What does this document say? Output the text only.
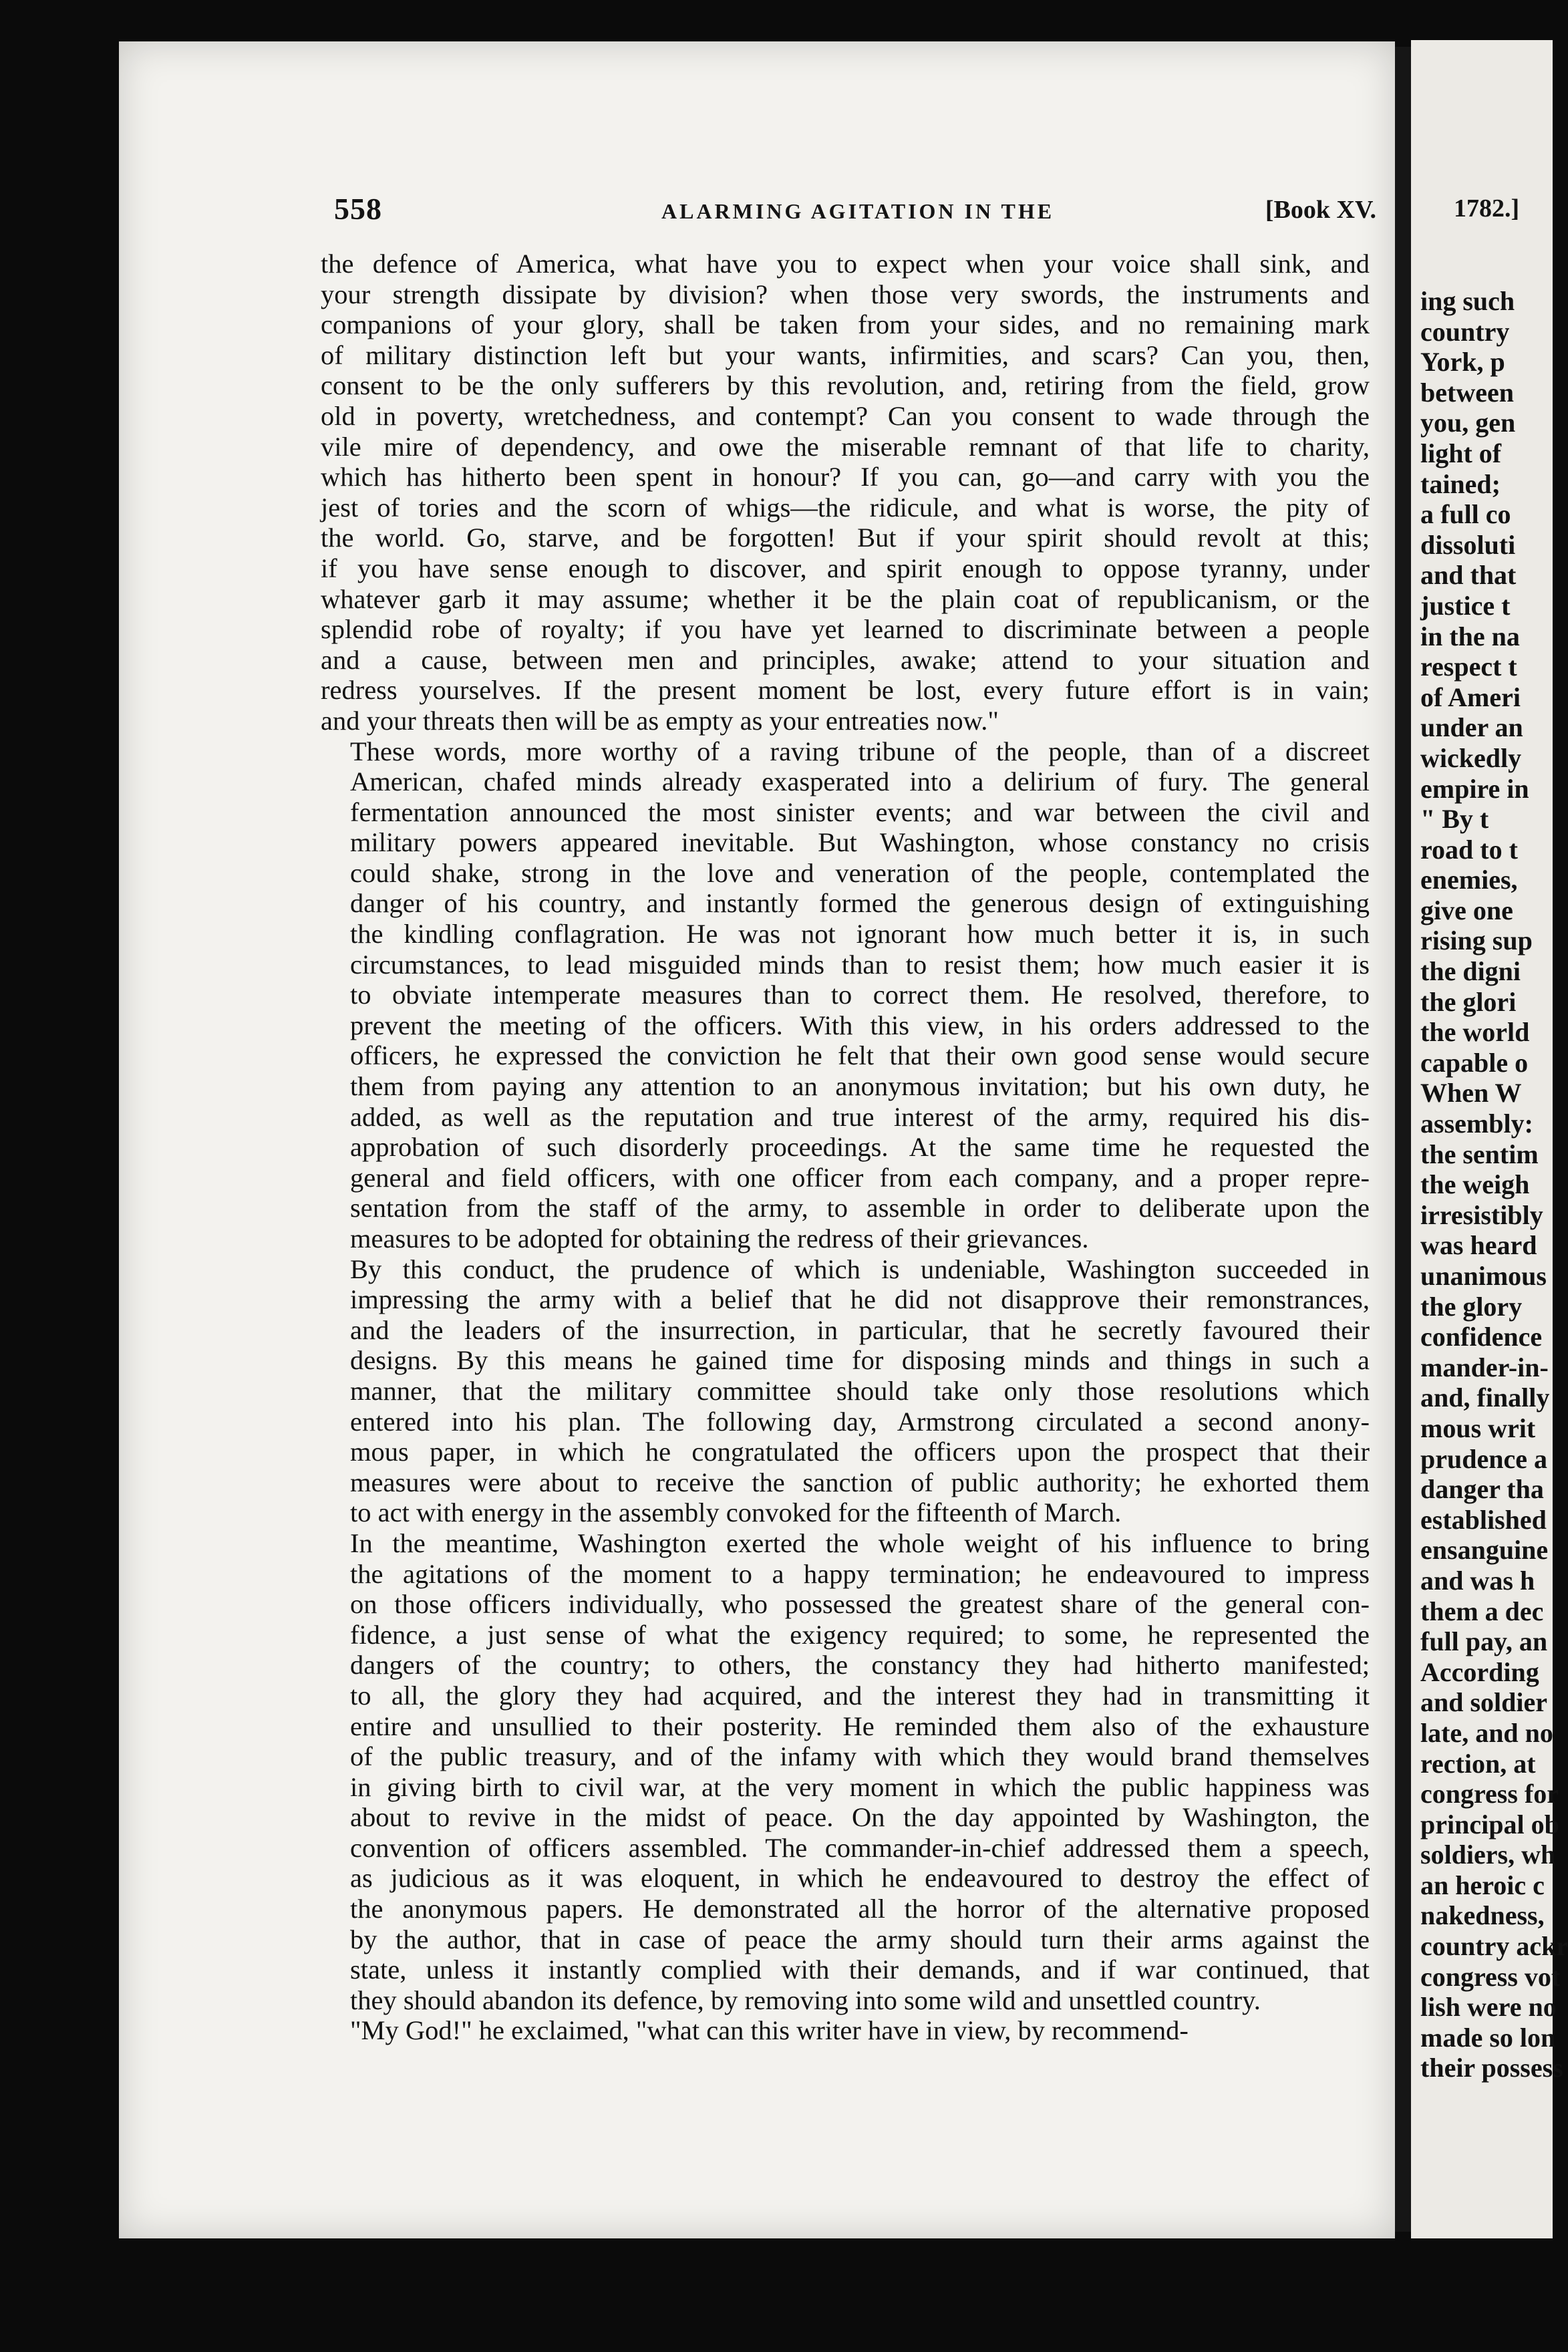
558	ALARMING AGITATION IN THE	[Book XV.

the defence of America, what have you to expect when your voice shall sink, and
your strength dissipate by division? when those very swords, the instruments and
companions of your glory, shall be taken from your sides, and no remaining mark
of military distinction left but your wants, infirmities, and scars? Can you, then,
consent to be the only sufferers by this revolution, and, retiring from the field, grow
old in poverty, wretchedness, and contempt? Can you consent to wade through the
vile mire of dependency, and owe the miserable remnant of that life to charity,
which has hitherto been spent in honour? If you can, go—and carry with you the
jest of tories and the scorn of whigs—the ridicule, and what is worse, the pity of
the world. Go, starve, and be forgotten! But if your spirit should revolt at this;
if you have sense enough to discover, and spirit enough to oppose tyranny, under
whatever garb it may assume; whether it be the plain coat of republicanism, or the
splendid robe of royalty; if you have yet learned to discriminate between a people
and a cause, between men and principles, awake; attend to your situation and
redress yourselves. If the present moment be lost, every future effort is in vain;
and your threats then will be as empty as your entreaties now."

These words, more worthy of a raving tribune of the people, than of a discreet
American, chafed minds already exasperated into a delirium of fury. The general
fermentation announced the most sinister events; and war between the civil and
military powers appeared inevitable. But Washington, whose constancy no crisis
could shake, strong in the love and veneration of the people, contemplated the
danger of his country, and instantly formed the generous design of extinguishing
the kindling conflagration. He was not ignorant how much better it is, in such
circumstances, to lead misguided minds than to resist them; how much easier it is
to obviate intemperate measures than to correct them. He resolved, therefore, to
prevent the meeting of the officers. With this view, in his orders addressed to the
officers, he expressed the conviction he felt that their own good sense would secure
them from paying any attention to an anonymous invitation; but his own duty, he
added, as well as the reputation and true interest of the army, required his dis-
approbation of such disorderly proceedings. At the same time he requested the
general and field officers, with one officer from each company, and a proper repre-
sentation from the staff of the army, to assemble in order to deliberate upon the
measures to be adopted for obtaining the redress of their grievances.

By this conduct, the prudence of which is undeniable, Washington succeeded in
impressing the army with a belief that he did not disapprove their remonstrances,
and the leaders of the insurrection, in particular, that he secretly favoured their
designs. By this means he gained time for disposing minds and things in such a
manner, that the military committee should take only those resolutions which
entered into his plan. The following day, Armstrong circulated a second anony-
mous paper, in which he congratulated the officers upon the prospect that their
measures were about to receive the sanction of public authority; he exhorted them
to act with energy in the assembly convoked for the fifteenth of March.

In the meantime, Washington exerted the whole weight of his influence to bring
the agitations of the moment to a happy termination; he endeavoured to impress
on those officers individually, who possessed the greatest share of the general con-
fidence, a just sense of what the exigency required; to some, he represented the
dangers of the country; to others, the constancy they had hitherto manifested;
to all, the glory they had acquired, and the interest they had in transmitting it
entire and unsullied to their posterity. He reminded them also of the exhausture
of the public treasury, and of the infamy with which they would brand themselves
in giving birth to civil war, at the very moment in which the public happiness was
about to revive in the midst of peace. On the day appointed by Washington, the
convention of officers assembled. The commander-in-chief addressed them a speech,
as judicious as it was eloquent, in which he endeavoured to destroy the effect of
the anonymous papers. He demonstrated all the horror of the alternative proposed
by the author, that in case of peace the army should turn their arms against the
state, unless it instantly complied with their demands, and if war continued, that
they should abandon its defence, by removing into some wild and unsettled country.

"My God!" he exclaimed, "what can this writer have in view, by recommend-

1782.]
ing such
country
York, p
between
you, gen
light of
tained;
a full co
dissoluti
and that
justice t
in the na
respect t
of Ameri
under an
wickedly
empire in
" By t
road to t
enemies,
give one
rising sup
the digni
the glori
the world
capable o
When W
assembly:
the sentim
the weigh
irresistibly
was heard
unanimous
the glory
confidence
mander-in-
and, finally
mous writ
prudence a
danger tha
established
ensanguine
and was h
them a dec
full pay, an
According
and soldier
late, and no
rection, at
congress for
principal ob
soldiers, wh
an heroic c
nakedness,
country ackr
congress vot
lish were no
made so lon
their possess
